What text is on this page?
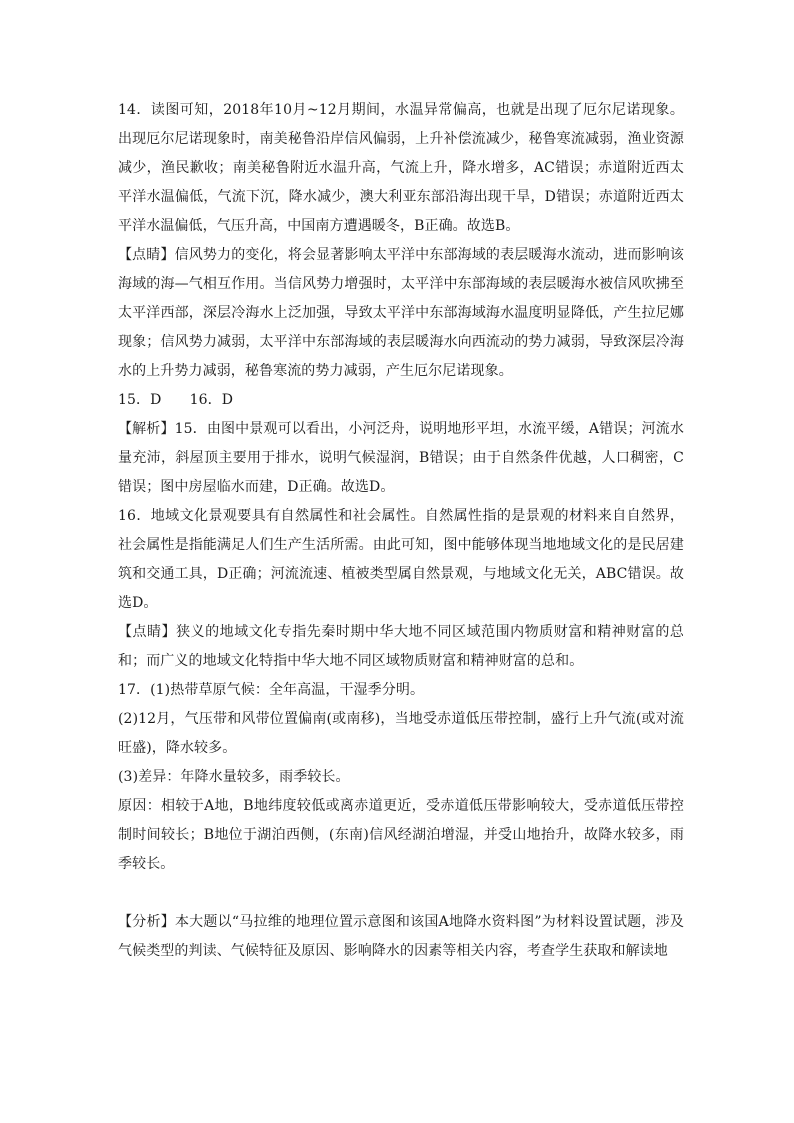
14．读图可知，2018年10月~12月期间，水温异常偏高，也就是出现了厄尔尼诺现象。出现厄尔尼诺现象时，南美秘鲁沿岸信风偏弱，上升补偿流减少，秘鲁寒流减弱，渔业资源减少，渔民歉收；南美秘鲁附近水温升高，气流上升，降水增多，AC错误；赤道附近西太平洋水温偏低，气流下沉，降水减少，澳大利亚东部沿海出现干旱，D错误；赤道附近西太平洋水温偏低，气压升高，中国南方遭遇暖冬，B正确。故选B。

【点睛】信风势力的变化，将会显著影响太平洋中东部海域的表层暖海水流动，进而影响该海域的海—气相互作用。当信风势力增强时，太平洋中东部海域的表层暖海水被信风吹拂至太平洋西部，深层冷海水上泛加强，导致太平洋中东部海域海水温度明显降低，产生拉尼娜现象；信风势力减弱，太平洋中东部海域的表层暖海水向西流动的势力减弱，导致深层冷海水的上升势力减弱，秘鲁寒流的势力减弱，产生厄尔尼诺现象。

15．D　　16．D

【解析】15．由图中景观可以看出，小河泛舟，说明地形平坦，水流平缓，A错误；河流水量充沛，斜屋顶主要用于排水，说明气候湿润，B错误；由于自然条件优越，人口稠密，C错误；图中房屋临水而建，D正确。故选D。

16．地域文化景观要具有自然属性和社会属性。自然属性指的是景观的材料来自自然界，社会属性是指能满足人们生产生活所需。由此可知，图中能够体现当地地域文化的是民居建筑和交通工具，D正确；河流流速、植被类型属自然景观，与地域文化无关，ABC错误。故选D。

【点睛】狭义的地域文化专指先秦时期中华大地不同区域范围内物质财富和精神财富的总和；而广义的地域文化特指中华大地不同区域物质财富和精神财富的总和。

17．(1)热带草原气候：全年高温，干湿季分明。

(2)12月，气压带和风带位置偏南(或南移)，当地受赤道低压带控制，盛行上升气流(或对流旺盛)，降水较多。

(3)差异：年降水量较多，雨季较长。

原因：相较于A地，B地纬度较低或离赤道更近，受赤道低压带影响较大，受赤道低压带控制时间较长；B地位于湖泊西侧，(东南)信风经湖泊增湿，并受山地抬升，故降水较多，雨季较长。

【分析】本大题以“马拉维的地理位置示意图和该国A地降水资料图”为材料设置试题，涉及气候类型的判读、气候特征及原因、影响降水的因素等相关内容，考查学生获取和解读地
